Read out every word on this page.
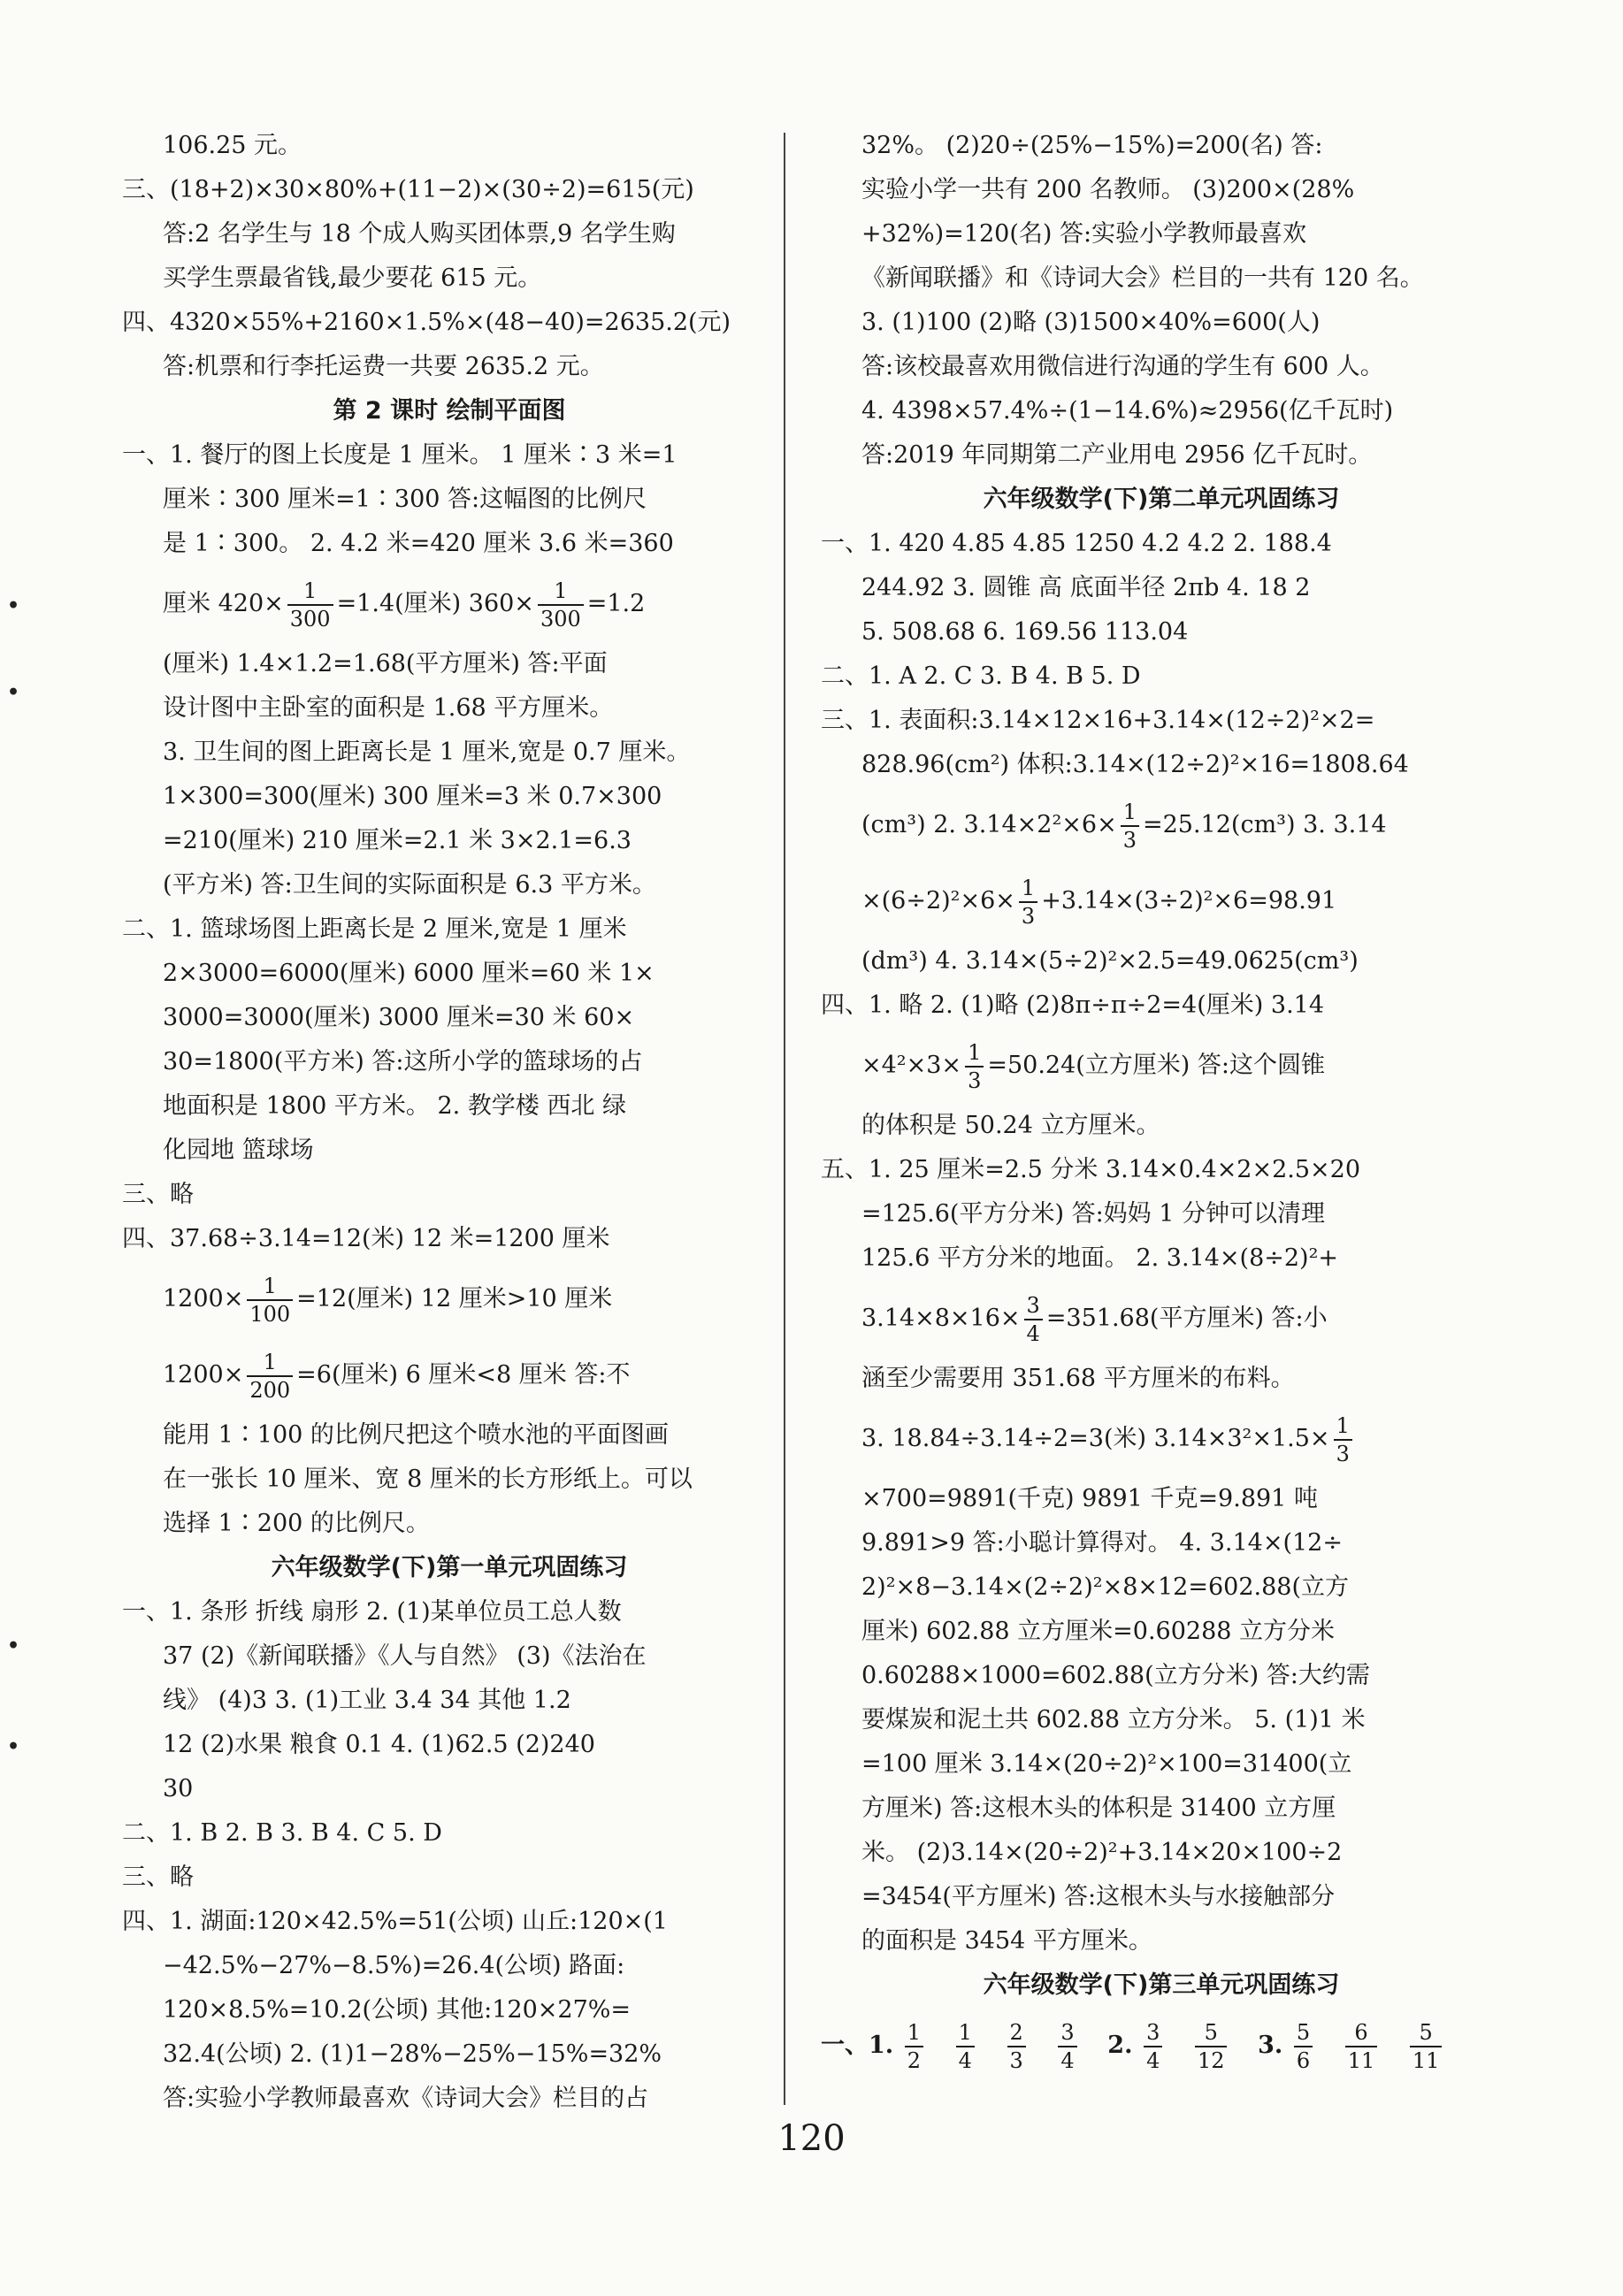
•
•
•
•
106.25 元。
三、(18+2)×30×80%+(11−2)×(30÷2)=615(元)
答:2 名学生与 18 个成人购买团体票,9 名学生购
买学生票最省钱,最少要花 615 元。
四、4320×55%+2160×1.5%×(48−40)=2635.2(元)
答:机票和行李托运费一共要 2635.2 元。
第 2 课时 绘制平面图
一、1. 餐厅的图上长度是 1 厘米。 1 厘米∶3 米=1
厘米∶300 厘米=1∶300 答:这幅图的比例尺
是 1∶300。 2. 4.2 米=420 厘米 3.6 米=360
厘米 $420\times \frac{1}{300} =1.4$(厘米) $360\times \frac{1}{300} =1.2$
(厘米) 1.4×1.2=1.68(平方厘米) 答:平面
设计图中主卧室的面积是 1.68 平方厘米。
3. 卫生间的图上距离长是 1 厘米,宽是 0.7 厘米。
1×300=300(厘米) 300 厘米=3 米 0.7×300
=210(厘米) 210 厘米=2.1 米 3×2.1=6.3
(平方米) 答:卫生间的实际面积是 6.3 平方米。
二、1. 篮球场图上距离长是 2 厘米,宽是 1 厘米
2×3000=6000(厘米) 6000 厘米=60 米 1×
3000=3000(厘米) 3000 厘米=30 米 60×
30=1800(平方米) 答:这所小学的篮球场的占
地面积是 1800 平方米。 2. 教学楼 西北 绿
化园地 篮球场
三、略
四、37.68÷3.14=12(米) 12 米=1200 厘米
$1200\times \frac{1}{100} =12$(厘米) 12 厘米>10 厘米
$1200\times \frac{1}{200} =6$(厘米) 6 厘米<8 厘米 答:不
能用 1∶100 的比例尺把这个喷水池的平面图画
在一张长 10 厘米、宽 8 厘米的长方形纸上。可以
选择 1∶200 的比例尺。
六年级数学(下)第一单元巩固练习
一、1. 条形 折线 扇形 2. (1)某单位员工总人数
37 (2)《新闻联播》《人与自然》 (3)《法治在
线》 (4)3 3. (1)工业 3.4 34 其他 1.2
12 (2)水果 粮食 0.1 4. (1)62.5 (2)240
30
二、1. B 2. B 3. B 4. C 5. D
三、略
四、1. 湖面:120×42.5%=51(公顷) 山丘:120×(1
−42.5%−27%−8.5%)=26.4(公顷) 路面:
120×8.5%=10.2(公顷) 其他:120×27%=
32.4(公顷) 2. (1)1−28%−25%−15%=32%
答:实验小学教师最喜欢《诗词大会》栏目的占
32%。 (2)20÷(25%−15%)=200(名) 答:
实验小学一共有 200 名教师。 (3)200×(28%
+32%)=120(名) 答:实验小学教师最喜欢
《新闻联播》和《诗词大会》栏目的一共有 120 名。
3. (1)100 (2)略 (3)1500×40%=600(人)
答:该校最喜欢用微信进行沟通的学生有 600 人。
4. 4398×57.4%÷(1−14.6%)≈2956(亿千瓦时)
答:2019 年同期第二产业用电 2956 亿千瓦时。
六年级数学(下)第二单元巩固练习
一、1. 420 4.85 4.85 1250 4.2 4.2 2. 188.4
244.92 3. 圆锥 高 底面半径 2πb 4. 18 2
5. 508.68 6. 169.56 113.04
二、1. A 2. C 3. B 4. B 5. D
三、1. 表面积:3.14×12×16+3.14×(12÷2)²×2=
828.96(cm²) 体积:3.14×(12÷2)²×16=1808.64
(cm³) 2. $3.14\times 2^2\times 6\times \frac{1}{3} =25.12(cm^3)$ 3. 3.14
$\times(6\div 2)^2\times 6\times \frac{1}{3} +3.14\times(3\div 2)^2\times 6=98.91$
(dm³) 4. 3.14×(5÷2)²×2.5=49.0625(cm³)
四、1. 略 2. (1)略 (2)8π÷π÷2=4(厘米) 3.14
$\times 4^2\times 3\times \frac{1}{3} =50.24$(立方厘米) 答:这个圆锥
的体积是 50.24 立方厘米。
五、1. 25 厘米=2.5 分米 3.14×0.4×2×2.5×20
=125.6(平方分米) 答:妈妈 1 分钟可以清理
125.6 平方分米的地面。 2. 3.14×(8÷2)²+
$3.14\times 8\times 16\times \frac{3}{4} =351.68$(平方厘米) 答:小
涵至少需要用 351.68 平方厘米的布料。
3. 18.84÷3.14÷2=3(米) $3.14\times 3^2\times 1.5\times \frac{1}{3}$
×700=9891(千克) 9891 千克=9.891 吨
9.891>9 答:小聪计算得对。 4. 3.14×(12÷
2)²×8−3.14×(2÷2)²×8×12=602.88(立方
厘米) 602.88 立方厘米=0.60288 立方分米
0.60288×1000=602.88(立方分米) 答:大约需
要煤炭和泥土共 602.88 立方分米。 5. (1)1 米
=100 厘米 3.14×(20÷2)²×100=31400(立
方厘米) 答:这根木头的体积是 31400 立方厘
米。 (2)3.14×(20÷2)²+3.14×20×100÷2
=3454(平方厘米) 答:这根木头与水接触部分
的面积是 3454 平方厘米。
六年级数学(下)第三单元巩固练习
一、1. $\frac{1}{2}$
$\frac{1}{4}$
$\frac{2}{3}$
$\frac{3}{4} 2$. $\frac{3}{4}$
$\frac{5}{12} 3$. $\frac{5}{6}$
$\frac{6}{11}$
$\frac{5}{11}$
120
